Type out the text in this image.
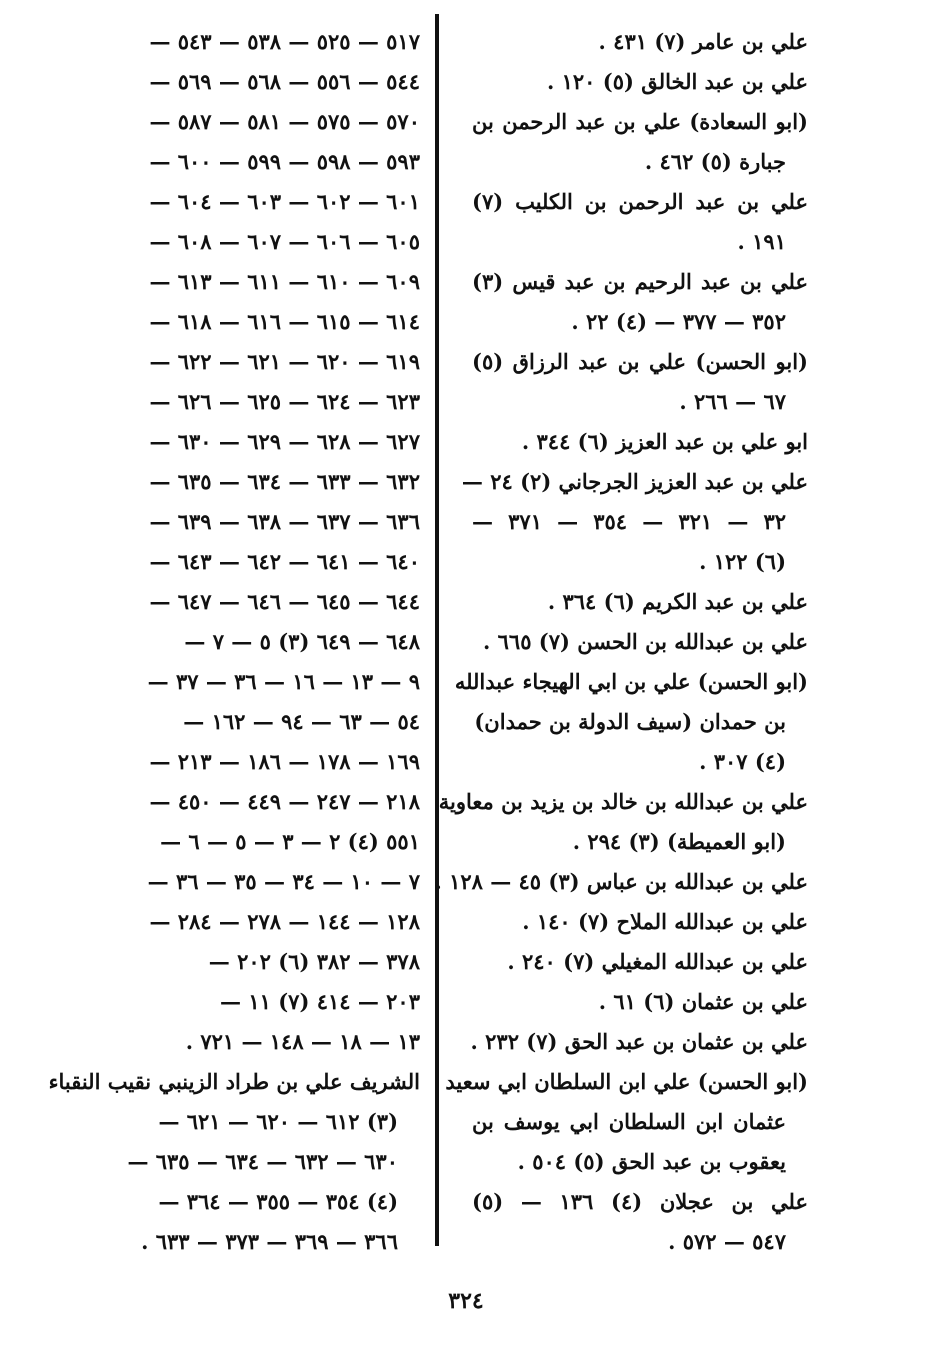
٥١٧ — ٥٢٥ — ٥٣٨ — ٥٤٣ —
٥٤٤ — ٥٥٦ — ٥٦٨ — ٥٦٩ —
٥٧٠ — ٥٧٥ — ٥٨١ — ٥٨٧ —
٥٩٣ — ٥٩٨ — ٥٩٩ — ٦٠٠ —
٦٠١ — ٦٠٢ — ٦٠٣ — ٦٠٤ —
٦٠٥ — ٦٠٦ — ٦٠٧ — ٦٠٨ —
٦٠٩ — ٦١٠ — ٦١١ — ٦١٣ —
٦١٤ — ٦١٥ — ٦١٦ — ٦١٨ —
٦١٩ — ٦٢٠ — ٦٢١ — ٦٢٢ —
٦٢٣ — ٦٢٤ — ٦٢٥ — ٦٢٦ —
٦٢٧ — ٦٢٨ — ٦٢٩ — ٦٣٠ —
٦٣٢ — ٦٣٣ — ٦٣٤ — ٦٣٥ —
٦٣٦ — ٦٣٧ — ٦٣٨ — ٦٣٩ —
٦٤٠ — ٦٤١ — ٦٤٢ — ٦٤٣ —
٦٤٤ — ٦٤٥ — ٦٤٦ — ٦٤٧ —
٦٤٨ — ٦٤٩ (٣) ٥ — ٧ —
٩ — ١٣ — ١٦ — ٣٦ — ٣٧ —
٥٤ — ٦٣ — ٩٤ — ١٦٢ —
١٦٩ — ١٧٨ — ١٨٦ — ٢١٣ —
٢١٨ — ٢٤٧ — ٤٤٩ — ٤٥٠ —
٥٥١ (٤) ٢ — ٣ — ٥ — ٦ —
٧ — ١٠ — ٣٤ — ٣٥ — ٣٦ —
١٢٨ — ١٤٤ — ٢٧٨ — ٢٨٤ —
٣٧٨ — ٣٨٢ (٦) ٢٠٢ —
٢٠٣ — ٤١٤ (٧) ١١ —
١٣ — ١٨ — ١٤٨ — ٧٢١ .
الشريف علي بن طراد الزينبي نقيب النقباء
(٣) ٦١٢ — ٦٢٠ — ٦٢١ —
٦٣٠ — ٦٣٢ — ٦٣٤ — ٦٣٥ —
(٤) ٣٥٤ — ٣٥٥ — ٣٦٤ —
٣٦٦ — ٣٦٩ — ٣٧٣ — ٦٣٣ .
علي بن عامر (٧) ٤٣١ .
علي بن عبد الخالق (٥) ١٢٠ .
(ابو السعادة) علي بن عبد الرحمن بن
جبارة (٥) ٤٦٢ .
علي بن عبد الرحمن بن الكليب (٧)
١٩١ .
علي بن عبد الرحيم بن عبد قيس (٣)
٣٥٢ — ٣٧٧ — (٤) ٢٢ .
(ابو الحسن) علي بن عبد الرزاق (٥)
٦٧ — ٢٦٦ .
ابو علي بن عبد العزيز (٦) ٣٤٤ .
علي بن عبد العزيز الجرجاني (٢) ٢٤ —
٣٢ — ٣٢١ — ٣٥٤ — ٣٧١ —
(٦) ١٢٢ .
علي بن عبد الكريم (٦) ٣٦٤ .
علي بن عبدالله بن الحسن (٧) ٦٦٥ .
(ابو الحسن) علي بن ابي الهيجاء عبدالله
بن حمدان (سيف الدولة بن حمدان)
(٤) ٣٠٧ .
علي بن عبدالله بن خالد بن يزيد بن معاوية
(ابو العميطة) (٣) ٢٩٤ .
علي بن عبدالله بن عباس (٣) ٤٥ — ١٢٨ .
علي بن عبدالله الملاح (٧) ١٤٠ .
علي بن عبدالله المغيلي (٧) ٢٤٠ .
علي بن عثمان (٦) ٦١ .
علي بن عثمان بن عبد الحق (٧) ٢٣٢ .
(ابو الحسن) علي ابن السلطان ابي سعيد
عثمان ابن السلطان ابي يوسف بن
يعقوب بن عبد الحق (٥) ٥٠٤ .
علي بن عجلان (٤) ١٣٦ — (٥)
٥٤٧ — ٥٧٢ .
٣٢٤
